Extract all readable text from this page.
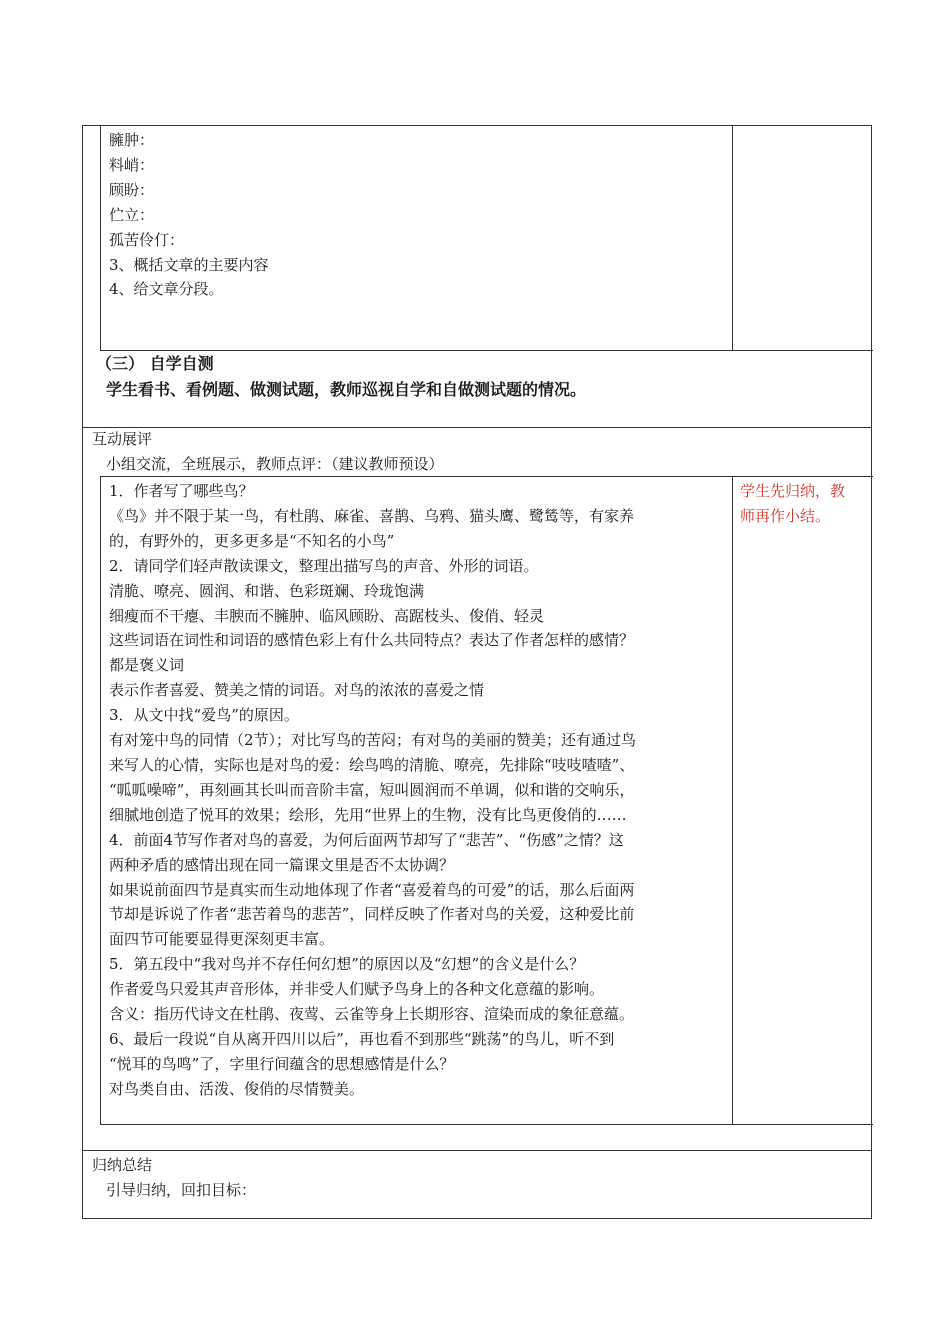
臃肿：
料峭：
顾盼：
伫立：
孤苦伶仃：
3、概括文章的主要内容
4、给文章分段。
（三） 自学自测
学生看书、看例题、做测试题，教师巡视自学和自做测试题的情况。
互动展评
小组交流，全班展示，教师点评：（建议教师预设）
1．作者写了哪些鸟？
《鸟》并不限于某一鸟，有杜鹃、麻雀、喜鹊、乌鸦、猫头鹰、鹭鸶等，有家养
的，有野外的，更多更多是“不知名的小鸟”
2．请同学们轻声散读课文，整理出描写鸟的声音、外形的词语。
清脆、嘹亮、圆润、和谐、色彩斑斓、玲珑饱满
细瘦而不干瘪、丰腴而不臃肿、临风顾盼、高踞枝头、俊俏、轻灵
这些词语在词性和词语的感情色彩上有什么共同特点？表达了作者怎样的感情？
都是褒义词
表示作者喜爱、赞美之情的词语。对鸟的浓浓的喜爱之情
3．从文中找“爱鸟”的原因。
有对笼中鸟的同情（2节）；对比写鸟的苦闷；有对鸟的美丽的赞美；还有通过鸟
来写人的心情，实际也是对鸟的爱：绘鸟鸣的清脆、嘹亮，先排除“吱吱喳喳”、
“呱呱噪啼”，再刻画其长叫而音阶丰富，短叫圆润而不单调，似和谐的交响乐，
细腻地创造了悦耳的效果；绘形，先用“世界上的生物，没有比鸟更俊俏的……
4．前面4节写作者对鸟的喜爱，为何后面两节却写了“悲苦”、“伤感”之情？这
两种矛盾的感情出现在同一篇课文里是否不太协调？
如果说前面四节是真实而生动地体现了作者“喜爱着鸟的可爱”的话，那么后面两
节却是诉说了作者“悲苦着鸟的悲苦”，同样反映了作者对鸟的关爱，这种爱比前
面四节可能要显得更深刻更丰富。
5．第五段中“我对鸟并不存任何幻想”的原因以及“幻想”的含义是什么？
作者爱鸟只爱其声音形体，并非受人们赋予鸟身上的各种文化意蕴的影响。
含义：指历代诗文在杜鹃、夜莺、云雀等身上长期形容、渲染而成的象征意蕴。
6、最后一段说“自从离开四川以后”，再也看不到那些“跳荡”的鸟儿，听不到
“悦耳的鸟鸣”了，字里行间蕴含的思想感情是什么？
对鸟类自由、活泼、俊俏的尽情赞美。
学生先归纳，教
师再作小结。
归纳总结
引导归纳，回扣目标：
